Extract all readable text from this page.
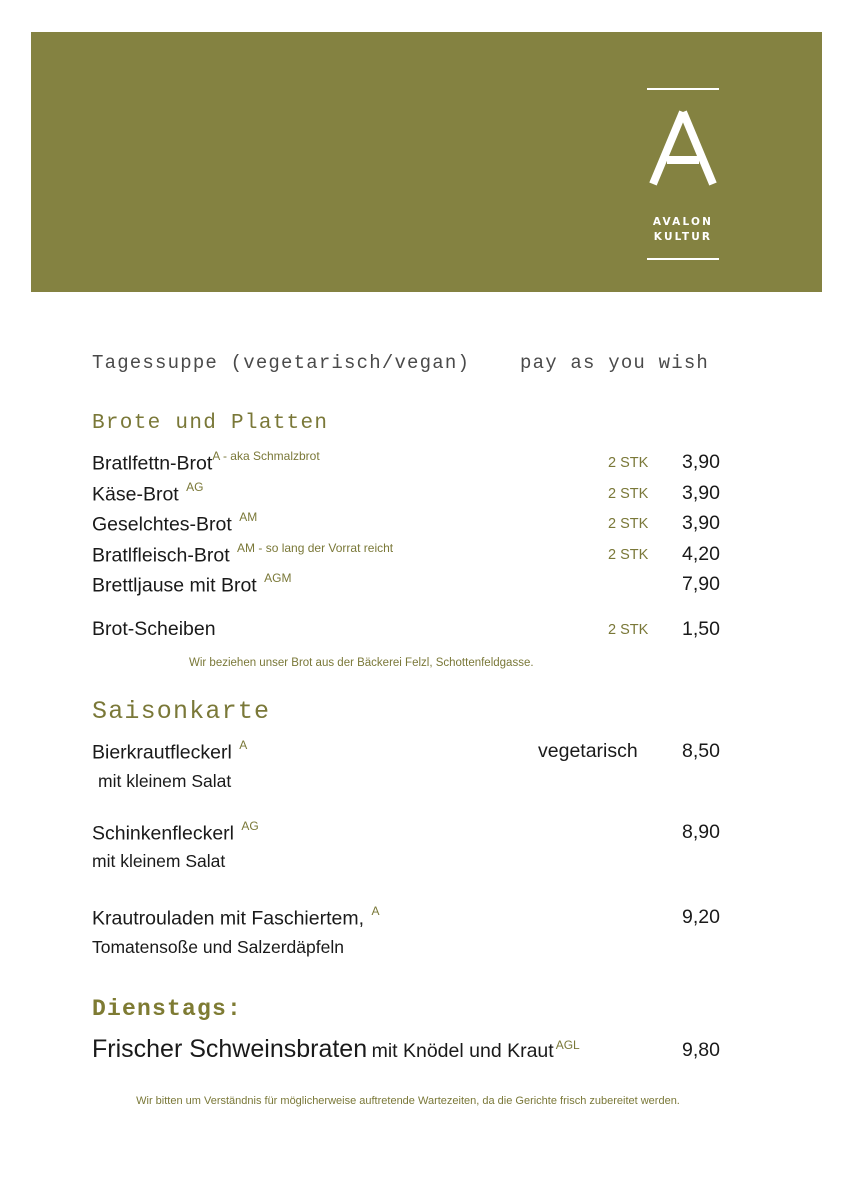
AVALON
KULTUR
Tagessuppe (vegetarisch/vegan)	pay as you wish
Brote und Platten
Bratlfettn-Brot$^{A - aka Schmalzbrot}$	2 STK 3,90
Käse-Brot $^{AG}$	2 STK 3,90
Geselchtes-Brot $^{AM}$	2 STK 3,90
Bratlfleisch-Brot $^{AM - so lang der Vorrat reicht}$	2 STK 4,20
Brettljause mit Brot $^{AGM}$	7,90
Brot-Scheiben	2 STK 1,50
Wir beziehen unser Brot aus der Bäckerei Felzl, Schottenfeldgasse.
Saisonkarte
Bierkrautfleckerl $^A$	vegetarisch 8,50
mit kleinem Salat
Schinkenfleckerl $^{AG}$	8,90
mit kleinem Salat
Krautrouladen mit Faschiertem, $^A$	9,20
Tomatensoße und Salzerdäpfeln
Dienstags:
Frischer Schweinsbraten mit Knödel und Kraut $^{AGL}$	9,80
Wir bitten um Verständnis für möglicherweise auftretende Wartezeiten, da die Gerichte frisch zubereitet werden.
